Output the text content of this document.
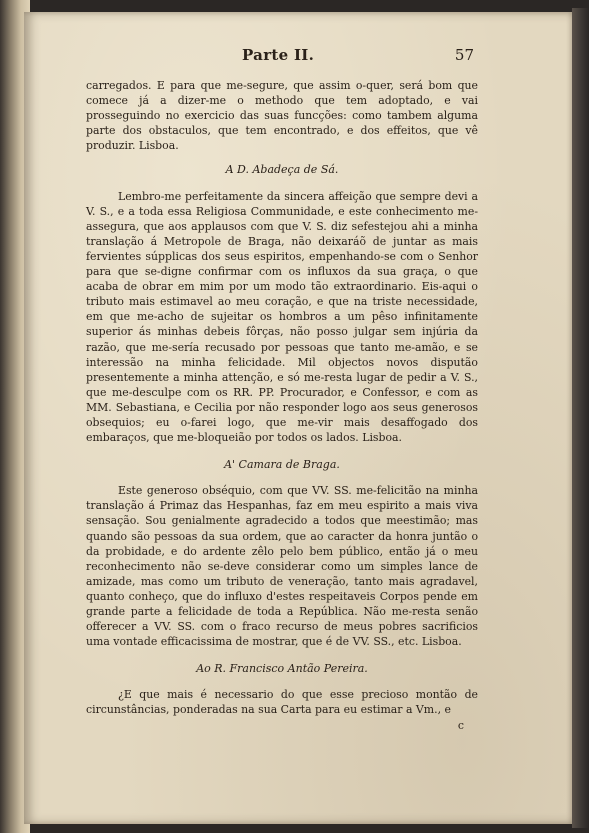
Parte II.	57

carregados. E para que me-segure, que assim o-quer, será bom que comece já a dizer-me o methodo que tem adoptado, e vai prosseguindo no exercicio das suas funcções: como tambem alguma parte dos obstaculos, que tem encontrado, e dos effeitos, que vê produzir. Lisboa.

A D. Abadeça de Sá.

Lembro-me perfeitamente da sincera affeição que sempre devi a V. S., e a toda essa Religiosa Communidade, e este conhecimento me-assegura, que aos applausos com que V. S. diz sefestejou ahi a minha translação á Metropole de Braga, não deixaráõ de juntar as mais fervientes súpplicas dos seus espiritos, empenhando-se com o Senhor para que se-digne confirmar com os influxos da sua graça, o que acaba de obrar em mim por um modo tão extraordinario. Eis-aqui o tributo mais estimavel ao meu coração, e que na triste necessidade, em que me-acho de sujeitar os hombros a um pêso infinitamente superior ás minhas debeis fôrças, não posso julgar sem injúria da razão, que me-sería recusado por pessoas que tanto me-amão, e se interessão na minha felicidade. Mil objectos novos disputão presentemente a minha attenção, e só me-resta lugar de pedir a V. S., que me-desculpe com os RR. PP. Procurador, e Confessor, e com as MM. Sebastiana, e Cecilia por não responder logo aos seus generosos obsequios; eu o-farei logo, que me-vir mais desaffogado dos embaraços, que me-bloqueião por todos os lados. Lisboa.

A' Camara de Braga.

Este generoso obséquio, com que VV. SS. me-felicitão na minha translação á Primaz das Hespanhas, faz em meu espirito a mais viva sensação. Sou genialmente agradecido a todos que meestimão; mas quando são pessoas da sua ordem, que ao caracter da honra juntão o da probidade, e do ardente zêlo pelo bem público, então já o meu reconhecimento não se-deve considerar como um simples lance de amizade, mas como um tributo de veneração, tanto mais agradavel, quanto conheço, que do influxo d'estes respeitaveis Corpos pende em grande parte a felicidade de toda a República. Não me-resta senão offerecer a VV. SS. com o fraco recurso de meus pobres sacrificios uma vontade efficacissima de mostrar, que é de VV. SS., etc. Lisboa.

Ao R. Francisco Antão Pereira.

¿E que mais é necessario do que esse precioso montão de circunstâncias, ponderadas na sua Carta para eu estimar a Vm., e

c
